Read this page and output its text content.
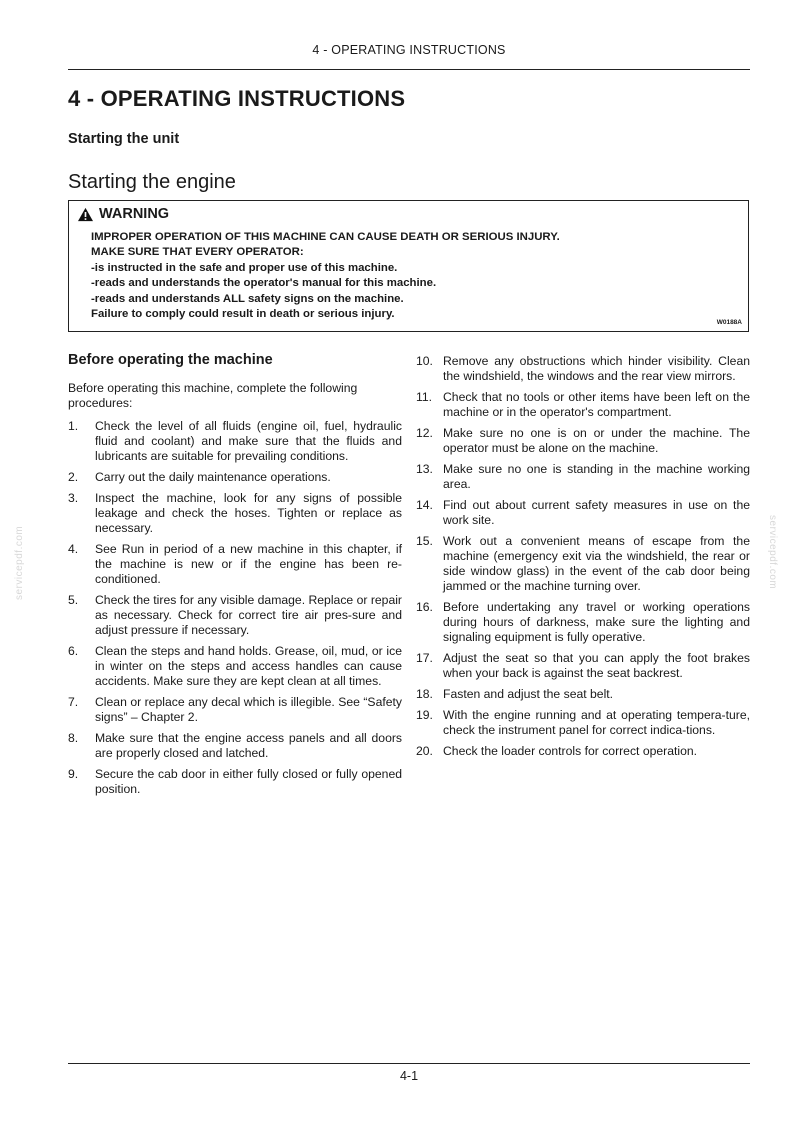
4 - OPERATING INSTRUCTIONS
4 - OPERATING INSTRUCTIONS
Starting the unit
Starting the engine
WARNING
IMPROPER OPERATION OF THIS MACHINE CAN CAUSE DEATH OR SERIOUS INJURY.
MAKE SURE THAT EVERY OPERATOR:
-is instructed in the safe and proper use of this machine.
-reads and understands the operator's manual for this machine.
-reads and understands ALL safety signs on the machine.
Failure to comply could result in death or serious injury.
W0188A
Before operating the machine

Before operating this machine, complete the following procedures:

1. Check the level of all fluids (engine oil, fuel, hydraulic fluid and coolant) and make sure that the fluids and lubricants are suitable for prevailing conditions.
2. Carry out the daily maintenance operations.
3. Inspect the machine, look for any signs of possible leakage and check the hoses. Tighten or replace as necessary.
4. See Run in period of a new machine in this chapter, if the machine is new or if the engine has been re-conditioned.
5. Check the tires for any visible damage. Replace or repair as necessary. Check for correct tire air pres-sure and adjust pressure if necessary.
6. Clean the steps and hand holds. Grease, oil, mud, or ice in winter on the steps and access handles can cause accidents. Make sure they are kept clean at all times.
7. Clean or replace any decal which is illegible. See “Safety signs” – Chapter 2.
8. Make sure that the engine access panels and all doors are properly closed and latched.
9. Secure the cab door in either fully closed or fully opened position.
10. Remove any obstructions which hinder visibility. Clean the windshield, the windows and the rear view mirrors.
11. Check that no tools or other items have been left on the machine or in the operator's compartment.
12. Make sure no one is on or under the machine. The operator must be alone on the machine.
13. Make sure no one is standing in the machine working area.
14. Find out about current safety measures in use on the work site.
15. Work out a convenient means of escape from the machine (emergency exit via the windshield, the rear or side window glass) in the event of the cab door being jammed or the machine turning over.
16. Before undertaking any travel or working operations during hours of darkness, make sure the lighting and signaling equipment is fully operative.
17. Adjust the seat so that you can apply the foot brakes when your back is against the seat backrest.
18. Fasten and adjust the seat belt.
19. With the engine running and at operating tempera-ture, check the instrument panel for correct indica-tions.
20. Check the loader controls for correct operation.
servicepdf.com	servicepdf.com
4-1
